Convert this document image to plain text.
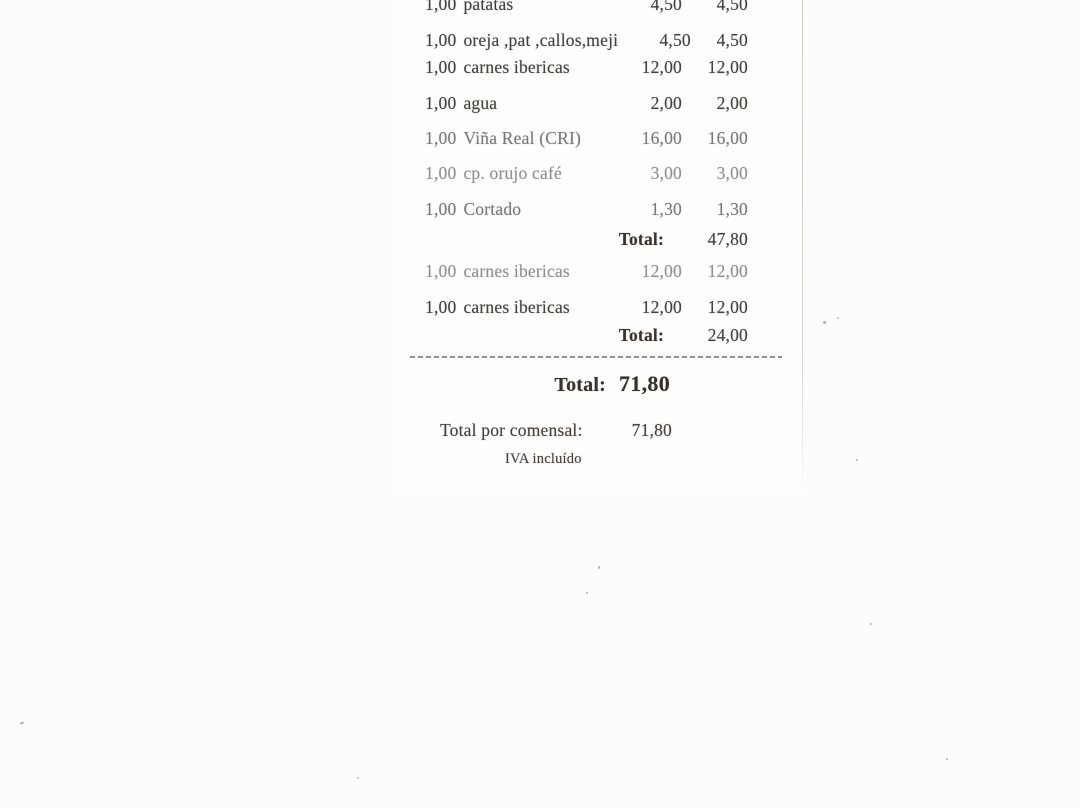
1,00 patatas	4,50	4,50
1,00 oreja ,pat ,callos,meji	4,50	4,50
1,00 carnes ibericas	12,00	12,00
1,00 agua	2,00	2,00
1,00 Viña Real (CRI)	16,00	16,00
1,00 cp. orujo café	3,00	3,00
1,00 Cortado	1,30	1,30
Total:	47,80
1,00 carnes ibericas	12,00	12,00
1,00 carnes ibericas	12,00	12,00
Total:	24,00
Total: 71,80
Total por comensal:	71,80
IVA incluído
